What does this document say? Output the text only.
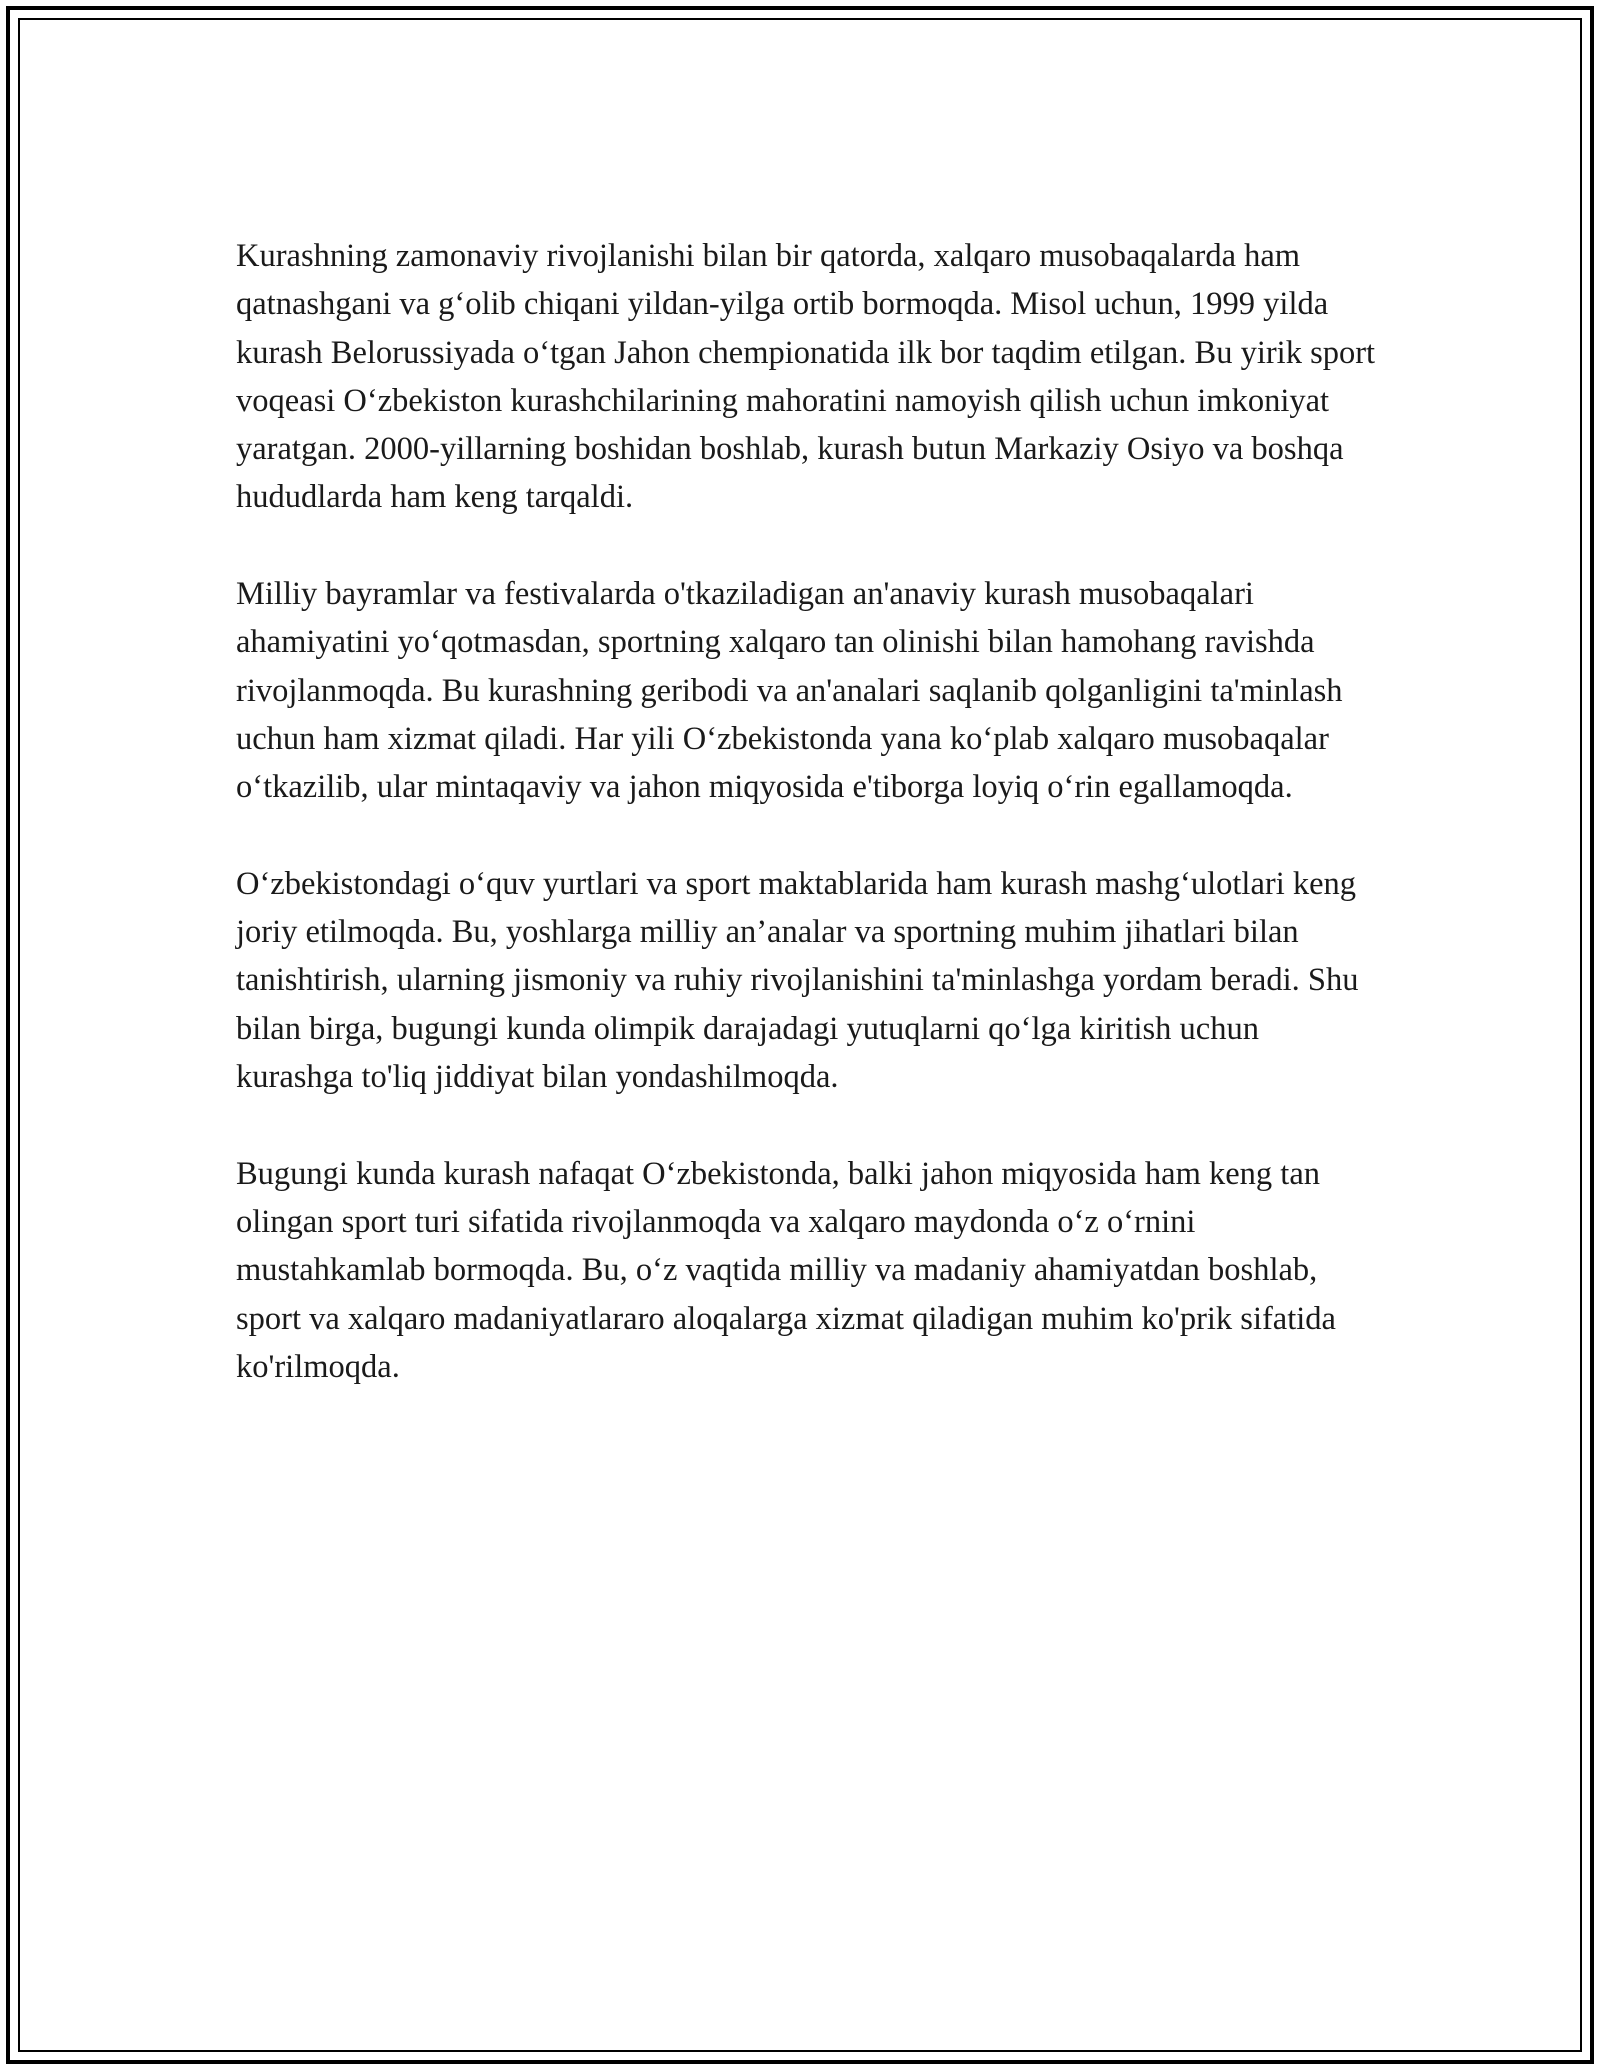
Kurashning zamonaviy rivojlanishi bilan bir qatorda, xalqaro musobaqalarda ham qatnashgani va g‘olib chiqani yildan-yilga ortib bormoqda. Misol uchun, 1999 yilda kurash Belorussiyada o‘tgan Jahon chempionatida ilk bor taqdim etilgan. Bu yirik sport voqeasi O‘zbekiston kurashchilarining mahoratini namoyish qilish uchun imkoniyat yaratgan. 2000-yillarning boshidan boshlab, kurash butun Markaziy Osiyo va boshqa hududlarda ham keng tarqaldi.

Milliy bayramlar va festivalarda o'tkaziladigan an'anaviy kurash musobaqalari ahamiyatini yo‘qotmasdan, sportning xalqaro tan olinishi bilan hamohang ravishda rivojlanmoqda. Bu kurashning geribodi va an'analari saqlanib qolganligini ta'minlash uchun ham xizmat qiladi. Har yili O‘zbekistonda yana ko‘plab xalqaro musobaqalar o‘tkazilib, ular mintaqaviy va jahon miqyosida e'tiborga loyiq o‘rin egallamoqda.

O‘zbekistondagi o‘quv yurtlari va sport maktablarida ham kurash mashg‘ulotlari keng joriy etilmoqda. Bu, yoshlarga milliy an’analar va sportning muhim jihatlari bilan tanishtirish, ularning jismoniy va ruhiy rivojlanishini ta'minlashga yordam beradi. Shu bilan birga, bugungi kunda olimpik darajadagi yutuqlarni qo‘lga kiritish uchun kurashga to'liq jiddiyat bilan yondashilmoqda.

Bugungi kunda kurash nafaqat O‘zbekistonda, balki jahon miqyosida ham keng tan olingan sport turi sifatida rivojlanmoqda va xalqaro maydonda o‘z o‘rnini mustahkamlab bormoqda. Bu, o‘z vaqtida milliy va madaniy ahamiyatdan boshlab, sport va xalqaro madaniyatlararo aloqalarga xizmat qiladigan muhim ko'prik sifatida ko'rilmoqda.
